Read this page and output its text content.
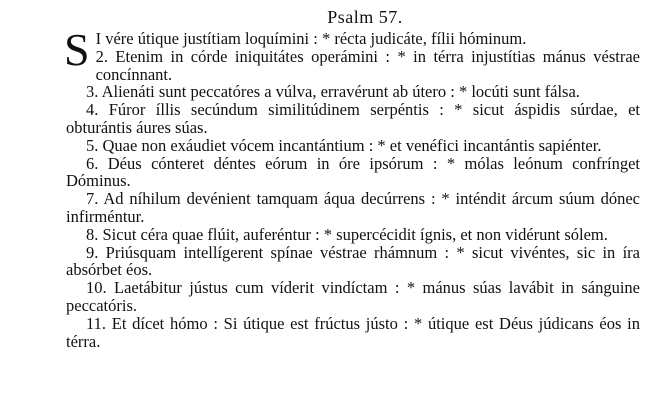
Psalm 57.

S I vére útique justítiam loquímini : * récta judicáte, fílii hóminum.

2. Etenim in córde iniquitátes operámini : * in térra injustítias mánus véstrae concínnant.

3. Alienáti sunt peccatóres a vúlva, erravérunt ab útero : * locúti sunt fálsa.

4. Fúror íllis secúndum similitúdinem serpéntis : * sicut áspidis súrdae, et obturántis áures súas.

5. Quae non exáudiet vócem incantántium : * et venéfici incantántis sapiénter.

6. Déus cónteret déntes eórum in óre ipsórum : * mólas leónum confrínget Dóminus.

7. Ad níhilum devénient tamquam áqua decúrrens : * inténdit árcum súum dónec infirméntur.

8. Sicut céra quae flúit, auferéntur : * supercécidit ígnis, et non vidérunt sólem.

9. Priúsquam intellígerent spínae véstrae rhámnum : * sicut vivéntes, sic in íra absórbet éos.

10. Laetábitur jústus cum víderit vindíctam : * mánus súas lavábit in sánguine peccatóris.

11. Et dícet hómo : Si útique est frúctus jústo : * útique est Déus júdicans éos in térra.
